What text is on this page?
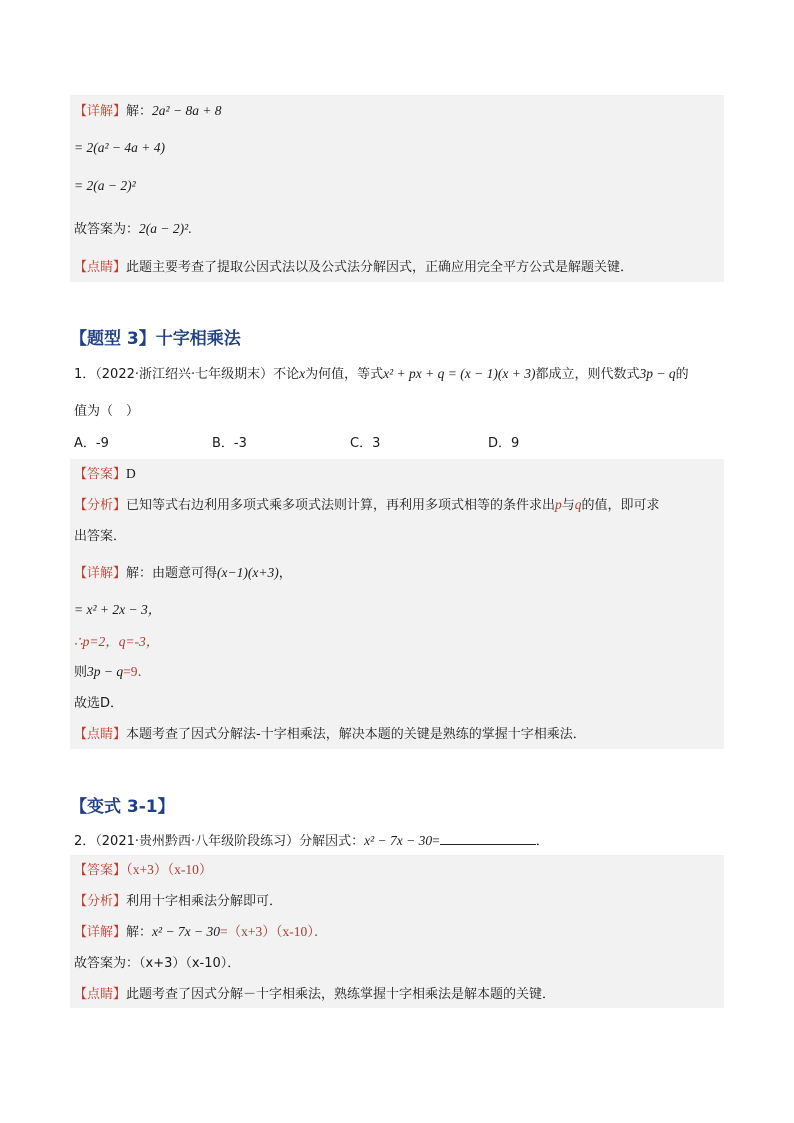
【详解】解：2a² − 8a + 8
= 2(a² − 4a + 4)
= 2(a − 2)²
故答案为：2(a − 2)².
【点睛】此题主要考查了提取公因式法以及公式法分解因式，正确应用完全平方公式是解题关键．
【题型 3】十字相乘法
1．（2022·浙江绍兴·七年级期末）不论x为何值，等式x² + px + q = (x − 1)(x + 3)都成立，则代数式3p − q的
值为（　）
A．-9	B．-3	C．3	D．9
【答案】D
【分析】已知等式右边利用多项式乘多项式法则计算，再利用多项式相等的条件求出p与q的值，即可求
出答案．
【详解】解：由题意可得(x−1)(x+3)，
= x² + 2x − 3，
∴p=2，q=-3，
则3p − q=9．
故选D．
【点睛】本题考查了因式分解法-十字相乘法，解决本题的关键是熟练的掌握十字相乘法．
【变式 3-1】
2．（2021·贵州黔西·八年级阶段练习）分解因式：x² − 7x − 30=	．
【答案】（x+3）（x-10）
【分析】利用十字相乘法分解即可．
【详解】解：x² − 7x − 30=（x+3）（x-10）．
故答案为：（x+3）（x-10）．
【点睛】此题考查了因式分解－十字相乘法，熟练掌握十字相乘法是解本题的关键．
